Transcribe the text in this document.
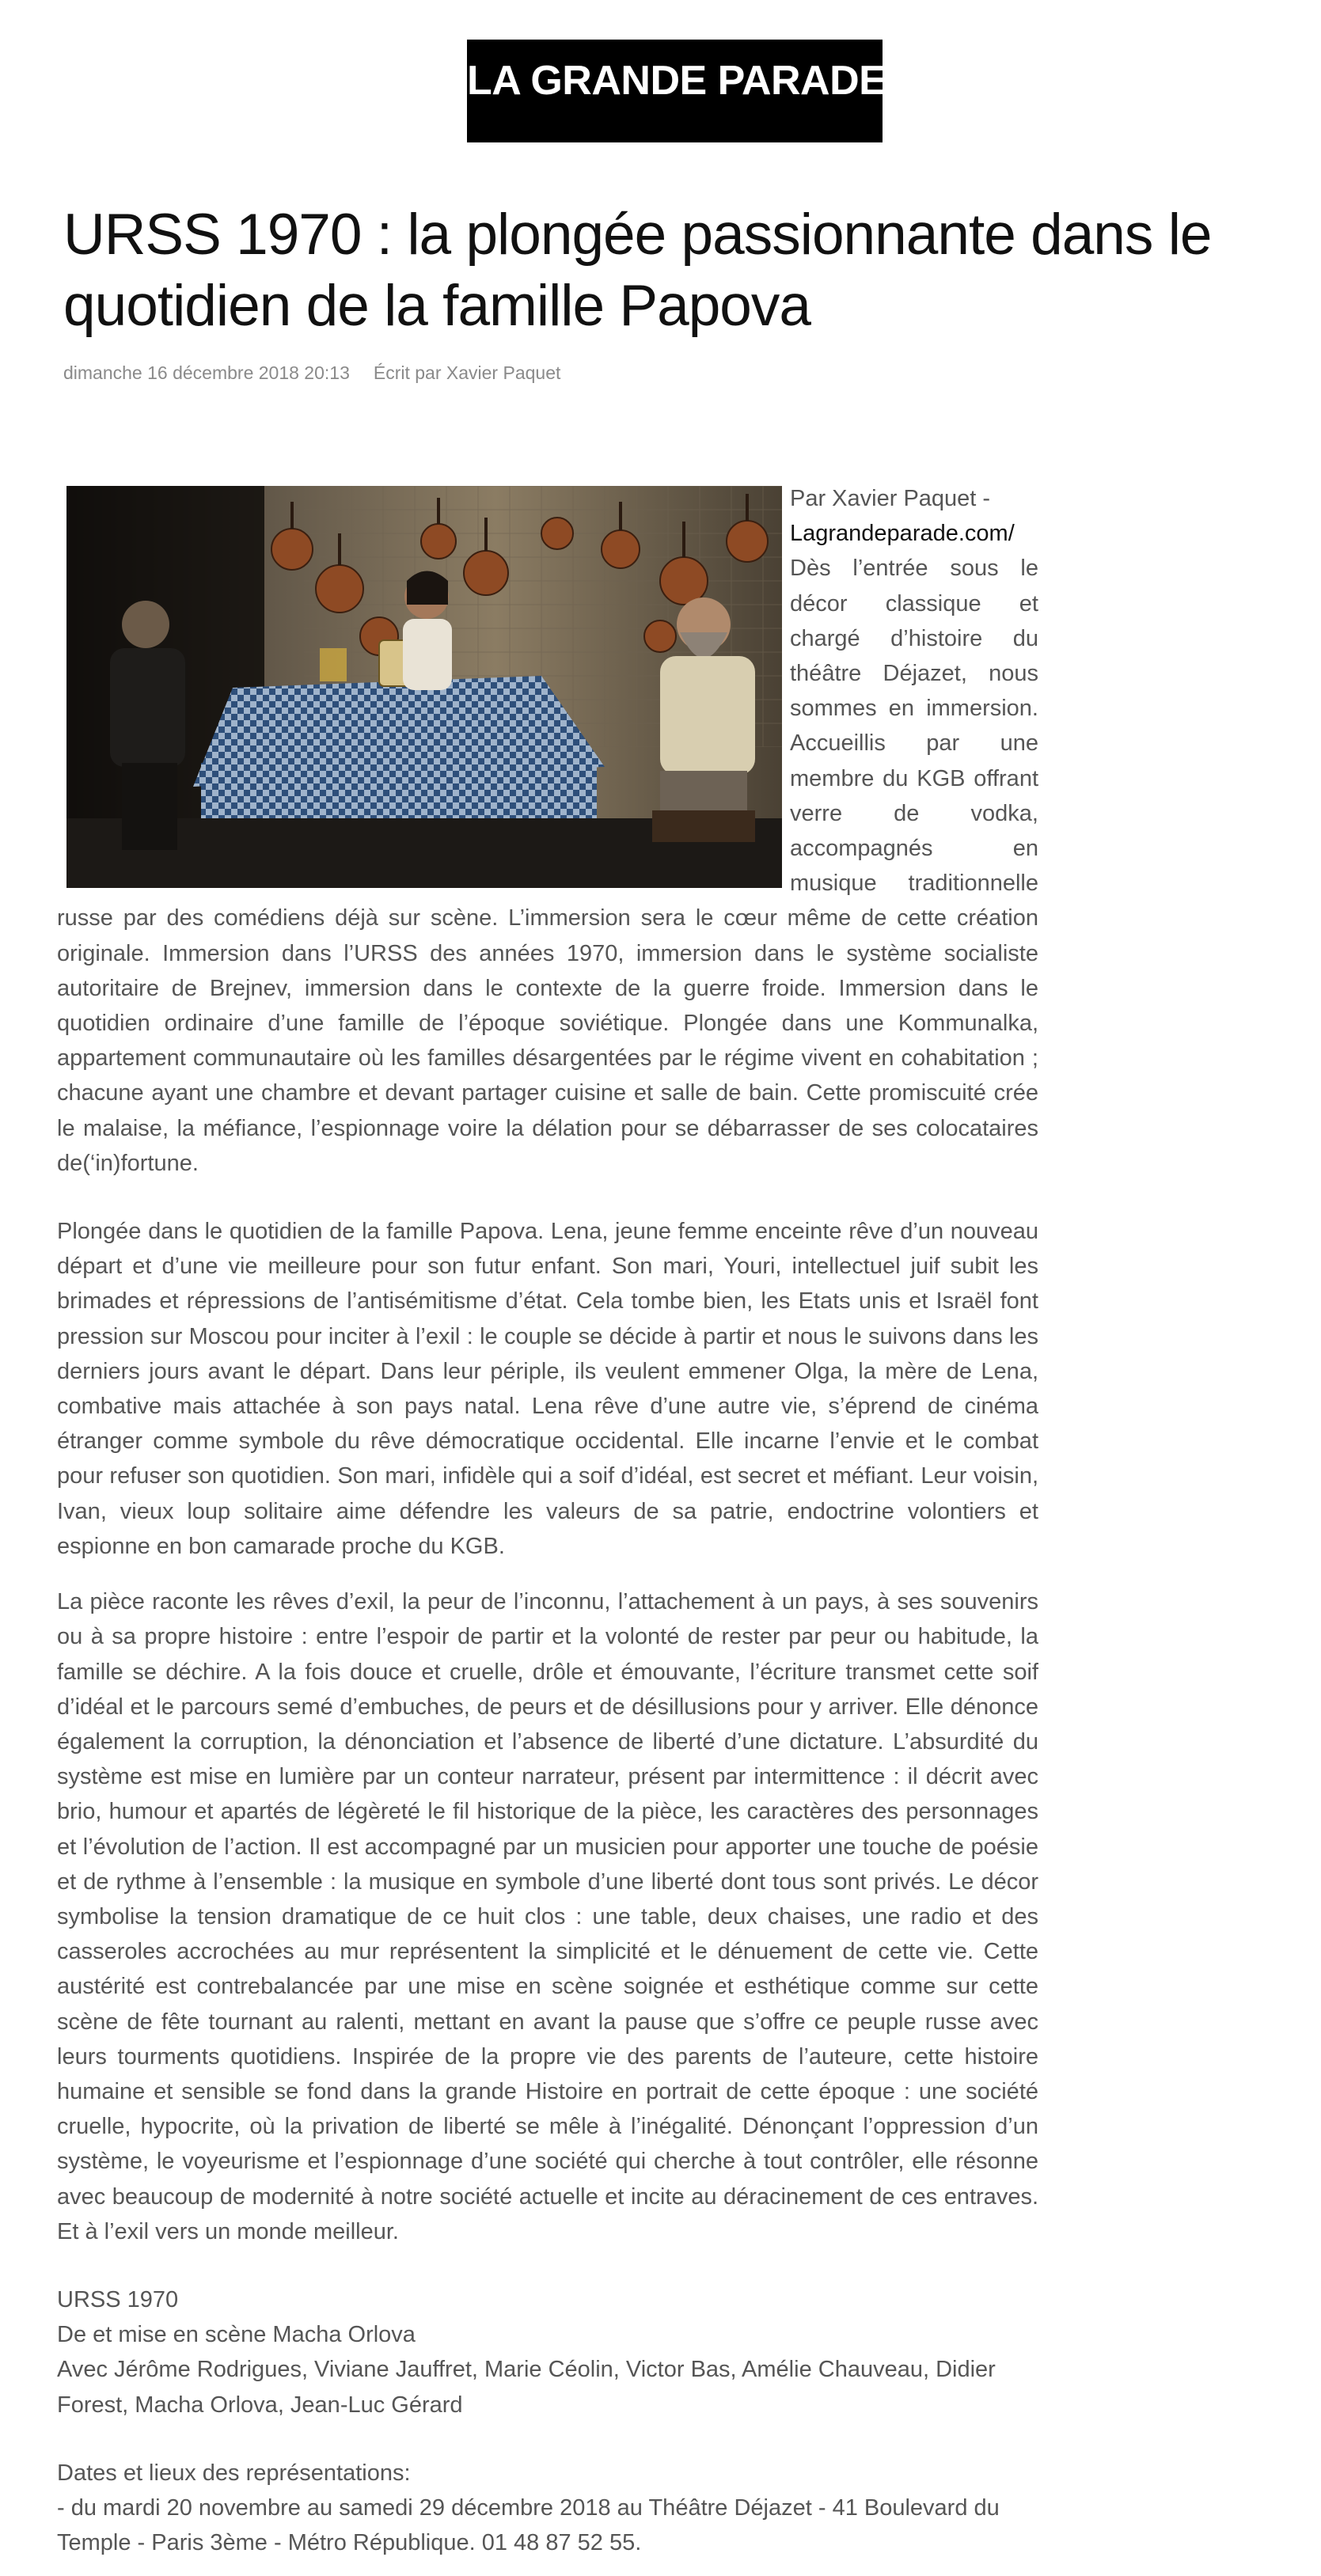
LA GRANDE PARADE
URSS 1970 : la plongée passionnante dans le quotidien de la famille Papova
dimanche 16 décembre 2018 20:13 Écrit par Xavier Paquet

Par Xavier Paquet -
Lagrandeparade.com/

Dès l’entrée sous le décor classique et chargé d’histoire du théâtre Déjazet, nous sommes en immersion. Accueillis par une membre du KGB offrant verre de vodka, accompagnés en musique traditionnelle russe par des comédiens déjà sur scène. L’immersion sera le cœur même de cette création originale. Immersion dans l’URSS des années 1970, immersion dans le système socialiste autoritaire de Brejnev, immersion dans le contexte de la guerre froide. Immersion dans le quotidien ordinaire d’une famille de l’époque soviétique. Plongée dans une Kommunalka, appartement communautaire où les familles désargentées par le régime vivent en cohabitation ; chacune ayant une chambre et devant partager cuisine et salle de bain. Cette promiscuité crée le malaise, la méfiance, l’espionnage voire la délation pour se débarrasser de ses colocataires de(‘in)fortune.

Plongée dans le quotidien de la famille Papova. Lena, jeune femme enceinte rêve d’un nouveau départ et d’une vie meilleure pour son futur enfant. Son mari, Youri, intellectuel juif subit les brimades et répressions de l’antisémitisme d’état. Cela tombe bien, les Etats unis et Israël font pression sur Moscou pour inciter à l’exil : le couple se décide à partir et nous le suivons dans les derniers jours avant le départ. Dans leur périple, ils veulent emmener Olga, la mère de Lena, combative mais attachée à son pays natal. Lena rêve d’une autre vie, s’éprend de cinéma étranger comme symbole du rêve démocratique occidental. Elle incarne l’envie et le combat pour refuser son quotidien. Son mari, infidèle qui a soif d’idéal, est secret et méfiant. Leur voisin, Ivan, vieux loup solitaire aime défendre les valeurs de sa patrie, endoctrine volontiers et espionne en bon camarade proche du KGB.

La pièce raconte les rêves d’exil, la peur de l’inconnu, l’attachement à un pays, à ses souvenirs ou à sa propre histoire : entre l’espoir de partir et la volonté de rester par peur ou habitude, la famille se déchire. A la fois douce et cruelle, drôle et émouvante, l’écriture transmet cette soif d’idéal et le parcours semé d’embuches, de peurs et de désillusions pour y arriver. Elle dénonce également la corruption, la dénonciation et l’absence de liberté d’une dictature. L’absurdité du système est mise en lumière par un conteur narrateur, présent par intermittence : il décrit avec brio, humour et apartés de légèreté le fil historique de la pièce, les caractères des personnages et l’évolution de l’action. Il est accompagné par un musicien pour apporter une touche de poésie et de rythme à l’ensemble : la musique en symbole d’une liberté dont tous sont privés. Le décor symbolise la tension dramatique de ce huit clos : une table, deux chaises, une radio et des casseroles accrochées au mur représentent la simplicité et le dénuement de cette vie. Cette austérité est contrebalancée par une mise en scène soignée et esthétique comme sur cette scène de fête tournant au ralenti, mettant en avant la pause que s’offre ce peuple russe avec leurs tourments quotidiens. Inspirée de la propre vie des parents de l’auteure, cette histoire humaine et sensible se fond dans la grande Histoire en portrait de cette époque : une société cruelle, hypocrite, où la privation de liberté se mêle à l’inégalité. Dénonçant l’oppression d’un système, le voyeurisme et l’espionnage d’une société qui cherche à tout contrôler, elle résonne avec beaucoup de modernité à notre société actuelle et incite au déracinement de ces entraves. Et à l’exil vers un monde meilleur.

URSS 1970
De et mise en scène Macha Orlova
Avec Jérôme Rodrigues, Viviane Jauffret, Marie Céolin, Victor Bas, Amélie Chauveau, Didier Forest, Macha Orlova, Jean-Luc Gérard

Dates et lieux des représentations:
- du mardi 20 novembre au samedi 29 décembre 2018 au Théâtre Déjazet - 41 Boulevard du Temple - Paris 3ème - Métro République. 01 48 87 52 55.
